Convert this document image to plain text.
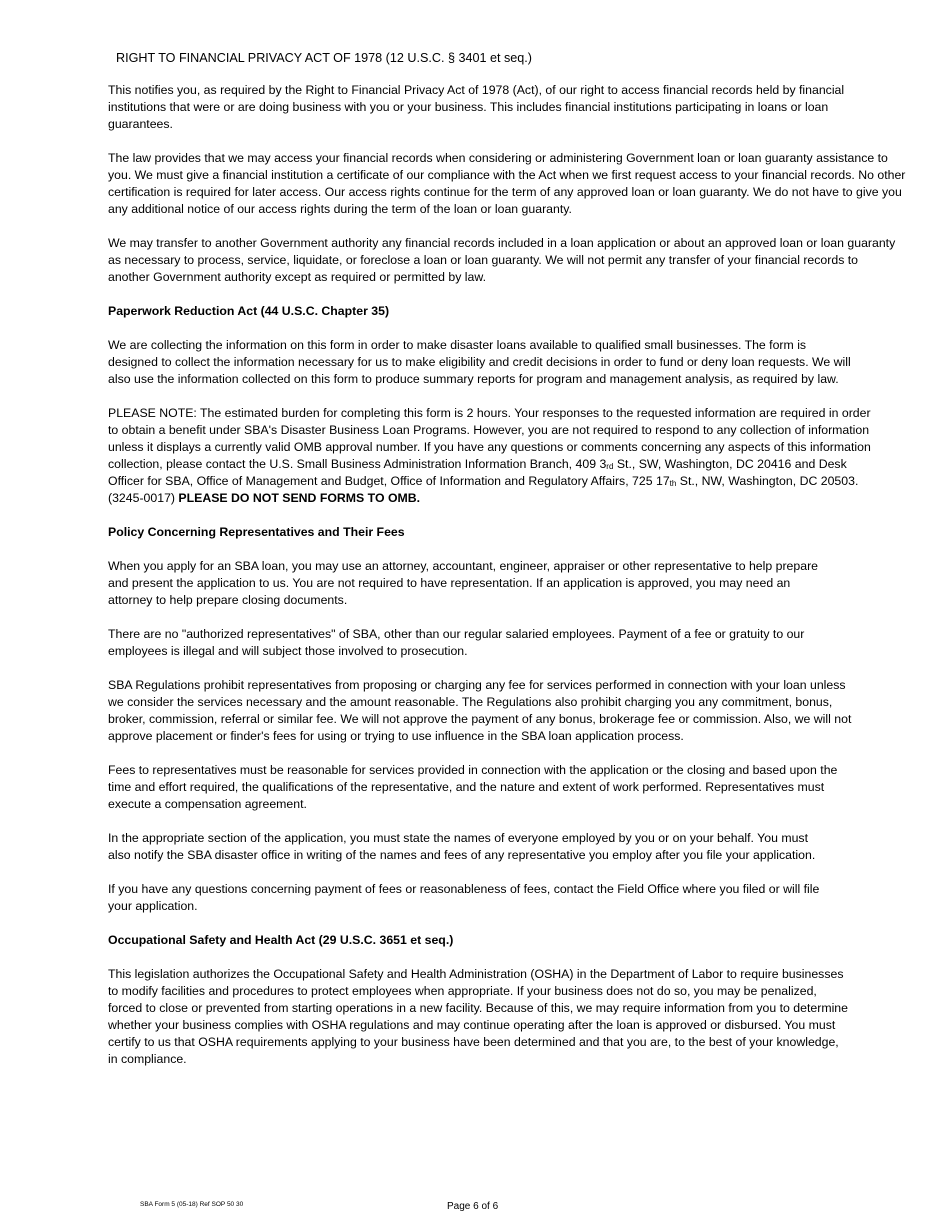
RIGHT TO FINANCIAL PRIVACY ACT OF 1978 (12 U.S.C. § 3401 et seq.)

This notifies you, as required by the Right to Financial Privacy Act of 1978 (Act), of our right to access financial records held by financial institutions that were or are doing business with you or your business. This includes financial institutions participating in loans or loan guarantees.

The law provides that we may access your financial records when considering or administering Government loan or loan guaranty assistance to you. We must give a financial institution a certificate of our compliance with the Act when we first request access to your financial records. No other certification is required for later access. Our access rights continue for the term of any approved loan or loan guaranty. We do not have to give you any additional notice of our access rights during the term of the loan or loan guaranty.

We may transfer to another Government authority any financial records included in a loan application or about an approved loan or loan guaranty as necessary to process, service, liquidate, or foreclose a loan or loan guaranty. We will not permit any transfer of your financial records to another Government authority except as required or permitted by law.

Paperwork Reduction Act (44 U.S.C. Chapter 35)

We are collecting the information on this form in order to make disaster loans available to qualified small businesses. The form is designed to collect the information necessary for us to make eligibility and credit decisions in order to fund or deny loan requests. We will also use the information collected on this form to produce summary reports for program and management analysis, as required by law.

PLEASE NOTE: The estimated burden for completing this form is 2 hours. Your responses to the requested information are required in order to obtain a benefit under SBA's Disaster Business Loan Programs. However, you are not required to respond to any collection of information unless it displays a currently valid OMB approval number. If you have any questions or comments concerning any aspects of this information collection, please contact the U.S. Small Business Administration Information Branch, 409 $3_{rd}$ St., SW, Washington, DC 20416 and Desk Officer for SBA, Office of Management and Budget, Office of Information and Regulatory Affairs, 725 $17_{th}$ St., NW, Washington, DC 20503. (3245-0017) PLEASE DO NOT SEND FORMS TO OMB.

Policy Concerning Representatives and Their Fees

When you apply for an SBA loan, you may use an attorney, accountant, engineer, appraiser or other representative to help prepare and present the application to us. You are not required to have representation. If an application is approved, you may need an attorney to help prepare closing documents.

There are no "authorized representatives" of SBA, other than our regular salaried employees. Payment of a fee or gratuity to our employees is illegal and will subject those involved to prosecution.

SBA Regulations prohibit representatives from proposing or charging any fee for services performed in connection with your loan unless we consider the services necessary and the amount reasonable. The Regulations also prohibit charging you any commitment, bonus, broker, commission, referral or similar fee. We will not approve the payment of any bonus, brokerage fee or commission. Also, we will not approve placement or finder's fees for using or trying to use influence in the SBA loan application process.

Fees to representatives must be reasonable for services provided in connection with the application or the closing and based upon the time and effort required, the qualifications of the representative, and the nature and extent of work performed. Representatives must execute a compensation agreement.

In the appropriate section of the application, you must state the names of everyone employed by you or on your behalf. You must also notify the SBA disaster office in writing of the names and fees of any representative you employ after you file your application.

If you have any questions concerning payment of fees or reasonableness of fees, contact the Field Office where you filed or will file your application.

Occupational Safety and Health Act (29 U.S.C. 3651 et seq.)

This legislation authorizes the Occupational Safety and Health Administration (OSHA) in the Department of Labor to require businesses to modify facilities and procedures to protect employees when appropriate. If your business does not do so, you may be penalized, forced to close or prevented from starting operations in a new facility. Because of this, we may require information from you to determine whether your business complies with OSHA regulations and may continue operating after the loan is approved or disbursed. You must certify to us that OSHA requirements applying to your business have been determined and that you are, to the best of your knowledge, in compliance.

SBA Form 5 (05-18) Ref SOP 50 30	Page 6 of 6
